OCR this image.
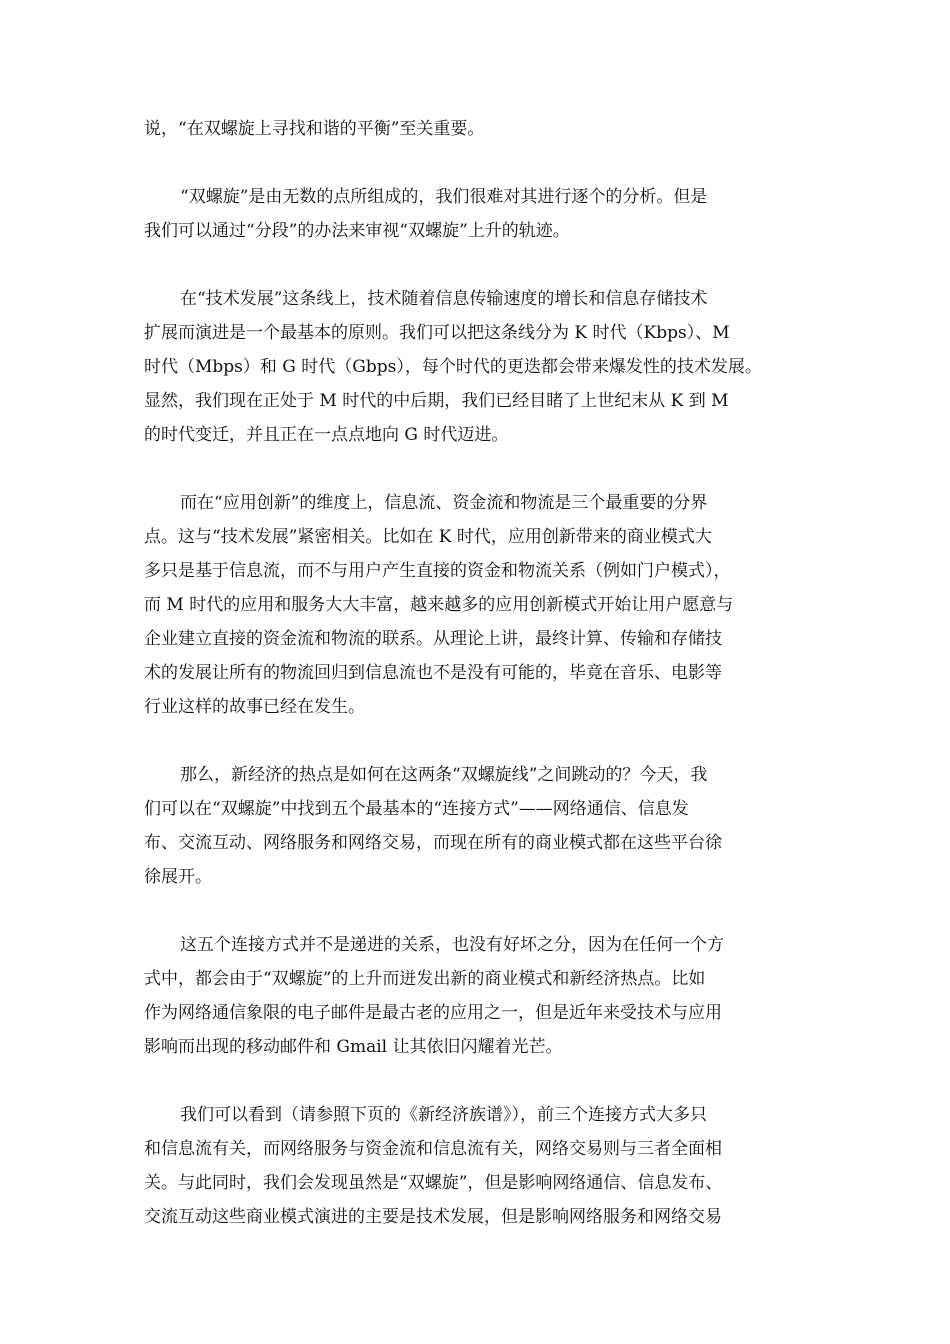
说，“在双螺旋上寻找和谐的平衡”至关重要。
“双螺旋”是由无数的点所组成的，我们很难对其进行逐个的分析。但是
我们可以通过“分段”的办法来审视“双螺旋”上升的轨迹。
在“技术发展”这条线上，技术随着信息传输速度的增长和信息存储技术
扩展而演进是一个最基本的原则。我们可以把这条线分为 K 时代（Kbps）、M
时代（Mbps）和 G 时代（Gbps），每个时代的更迭都会带来爆发性的技术发展。
显然，我们现在正处于 M 时代的中后期，我们已经目睹了上世纪末从 K 到 M
的时代变迁，并且正在一点点地向 G 时代迈进。
而在“应用创新”的维度上，信息流、资金流和物流是三个最重要的分界
点。这与“技术发展”紧密相关。比如在 K 时代，应用创新带来的商业模式大
多只是基于信息流，而不与用户产生直接的资金和物流关系（例如门户模式），
而 M 时代的应用和服务大大丰富，越来越多的应用创新模式开始让用户愿意与
企业建立直接的资金流和物流的联系。从理论上讲，最终计算、传输和存储技
术的发展让所有的物流回归到信息流也不是没有可能的，毕竟在音乐、电影等
行业这样的故事已经在发生。
那么，新经济的热点是如何在这两条“双螺旋线”之间跳动的？今天，我
们可以在“双螺旋”中找到五个最基本的“连接方式”——网络通信、信息发
布、交流互动、网络服务和网络交易，而现在所有的商业模式都在这些平台徐
徐展开。
这五个连接方式并不是递进的关系，也没有好坏之分，因为在任何一个方
式中，都会由于“双螺旋”的上升而迸发出新的商业模式和新经济热点。比如
作为网络通信象限的电子邮件是最古老的应用之一，但是近年来受技术与应用
影响而出现的移动邮件和 Gmail 让其依旧闪耀着光芒。
我们可以看到（请参照下页的《新经济族谱》），前三个连接方式大多只
和信息流有关，而网络服务与资金流和信息流有关，网络交易则与三者全面相
关。与此同时，我们会发现虽然是“双螺旋”，但是影响网络通信、信息发布、
交流互动这些商业模式演进的主要是技术发展，但是影响网络服务和网络交易
